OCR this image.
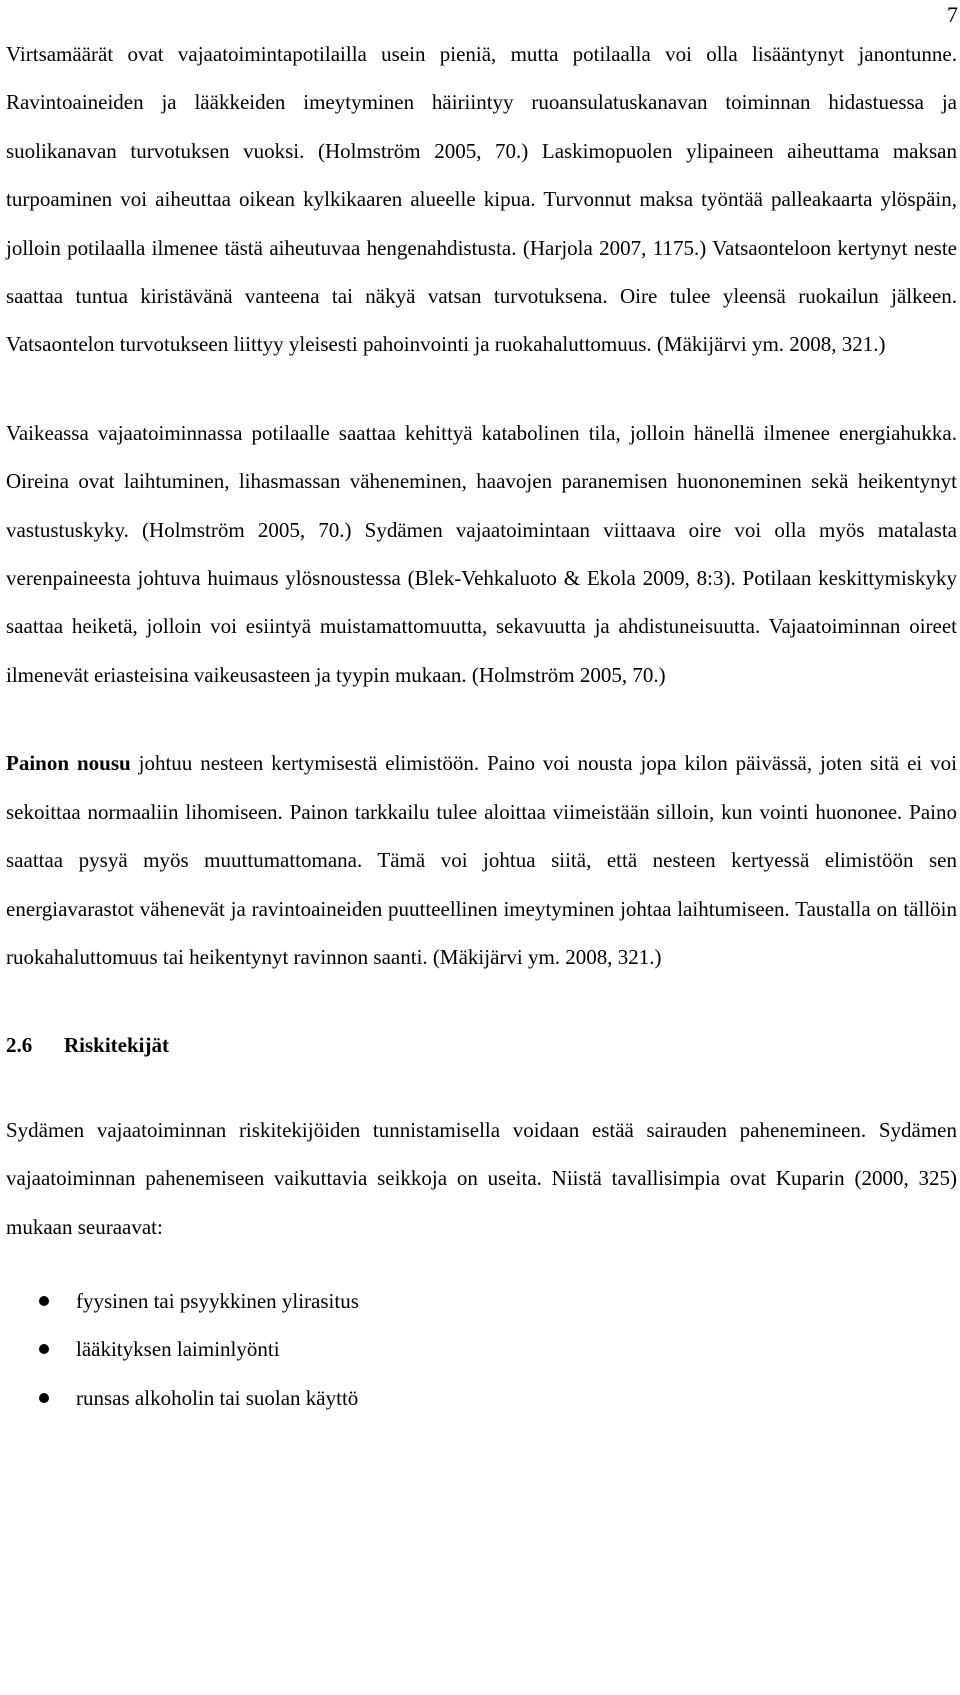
7

Virtsamäärät ovat vajaatoimintapotilailla usein pieniä, mutta potilaalla voi olla lisääntynyt janontunne. Ravintoaineiden ja lääkkeiden imeytyminen häiriintyy ruoansulatuskanavan toiminnan hidastuessa ja suolikanavan turvotuksen vuoksi. (Holmström 2005, 70.) Laskimopuolen ylipaineen aiheuttama maksan turpoaminen voi aiheuttaa oikean kylkikaaren alueelle kipua. Turvonnut maksa työntää palleakaarta ylöspäin, jolloin potilaalla ilmenee tästä aiheutuvaa hengenahdistusta. (Harjola 2007, 1175.) Vatsaonteloon kertynyt neste saattaa tuntua kiristävänä vanteena tai näkyä vatsan turvotuksena. Oire tulee yleensä ruokailun jälkeen. Vatsaontelon turvotukseen liittyy yleisesti pahoinvointi ja ruokahaluttomuus. (Mäkijärvi ym. 2008, 321.)

Vaikeassa vajaatoiminnassa potilaalle saattaa kehittyä katabolinen tila, jolloin hänellä ilmenee energiahukka. Oireina ovat laihtuminen, lihasmassan väheneminen, haavojen paranemisen huononeminen sekä heikentynyt vastustuskyky. (Holmström 2005, 70.) Sydämen vajaatoimintaan viittaava oire voi olla myös matalasta verenpaineesta johtuva huimaus ylösnoustessa (Blek-Vehkaluoto & Ekola 2009, 8:3). Potilaan keskittymiskyky saattaa heiketä, jolloin voi esiintyä muistamattomuutta, sekavuutta ja ahdistuneisuutta. Vajaatoiminnan oireet ilmenevät eriasteisina vaikeusasteen ja tyypin mukaan. (Holmström 2005, 70.)

Painon nousu johtuu nesteen kertymisestä elimistöön. Paino voi nousta jopa kilon päivässä, joten sitä ei voi sekoittaa normaaliin lihomiseen. Painon tarkkailu tulee aloittaa viimeistään silloin, kun vointi huononee. Paino saattaa pysyä myös muuttumattomana. Tämä voi johtua siitä, että nesteen kertyessä elimistöön sen energiavarastot vähenevät ja ravintoaineiden puutteellinen imeytyminen johtaa laihtumiseen. Taustalla on tällöin ruokahaluttomuus tai heikentynyt ravinnon saanti. (Mäkijärvi ym. 2008, 321.)

2.6 Riskitekijät

Sydämen vajaatoiminnan riskitekijöiden tunnistamisella voidaan estää sairauden pahenemineen. Sydämen vajaatoiminnan pahenemiseen vaikuttavia seikkoja on useita. Niistä tavallisimpia ovat Kuparin (2000, 325) mukaan seuraavat:

fyysinen tai psyykkinen ylirasitus
lääkityksen laiminlyönti
runsas alkoholin tai suolan käyttö
